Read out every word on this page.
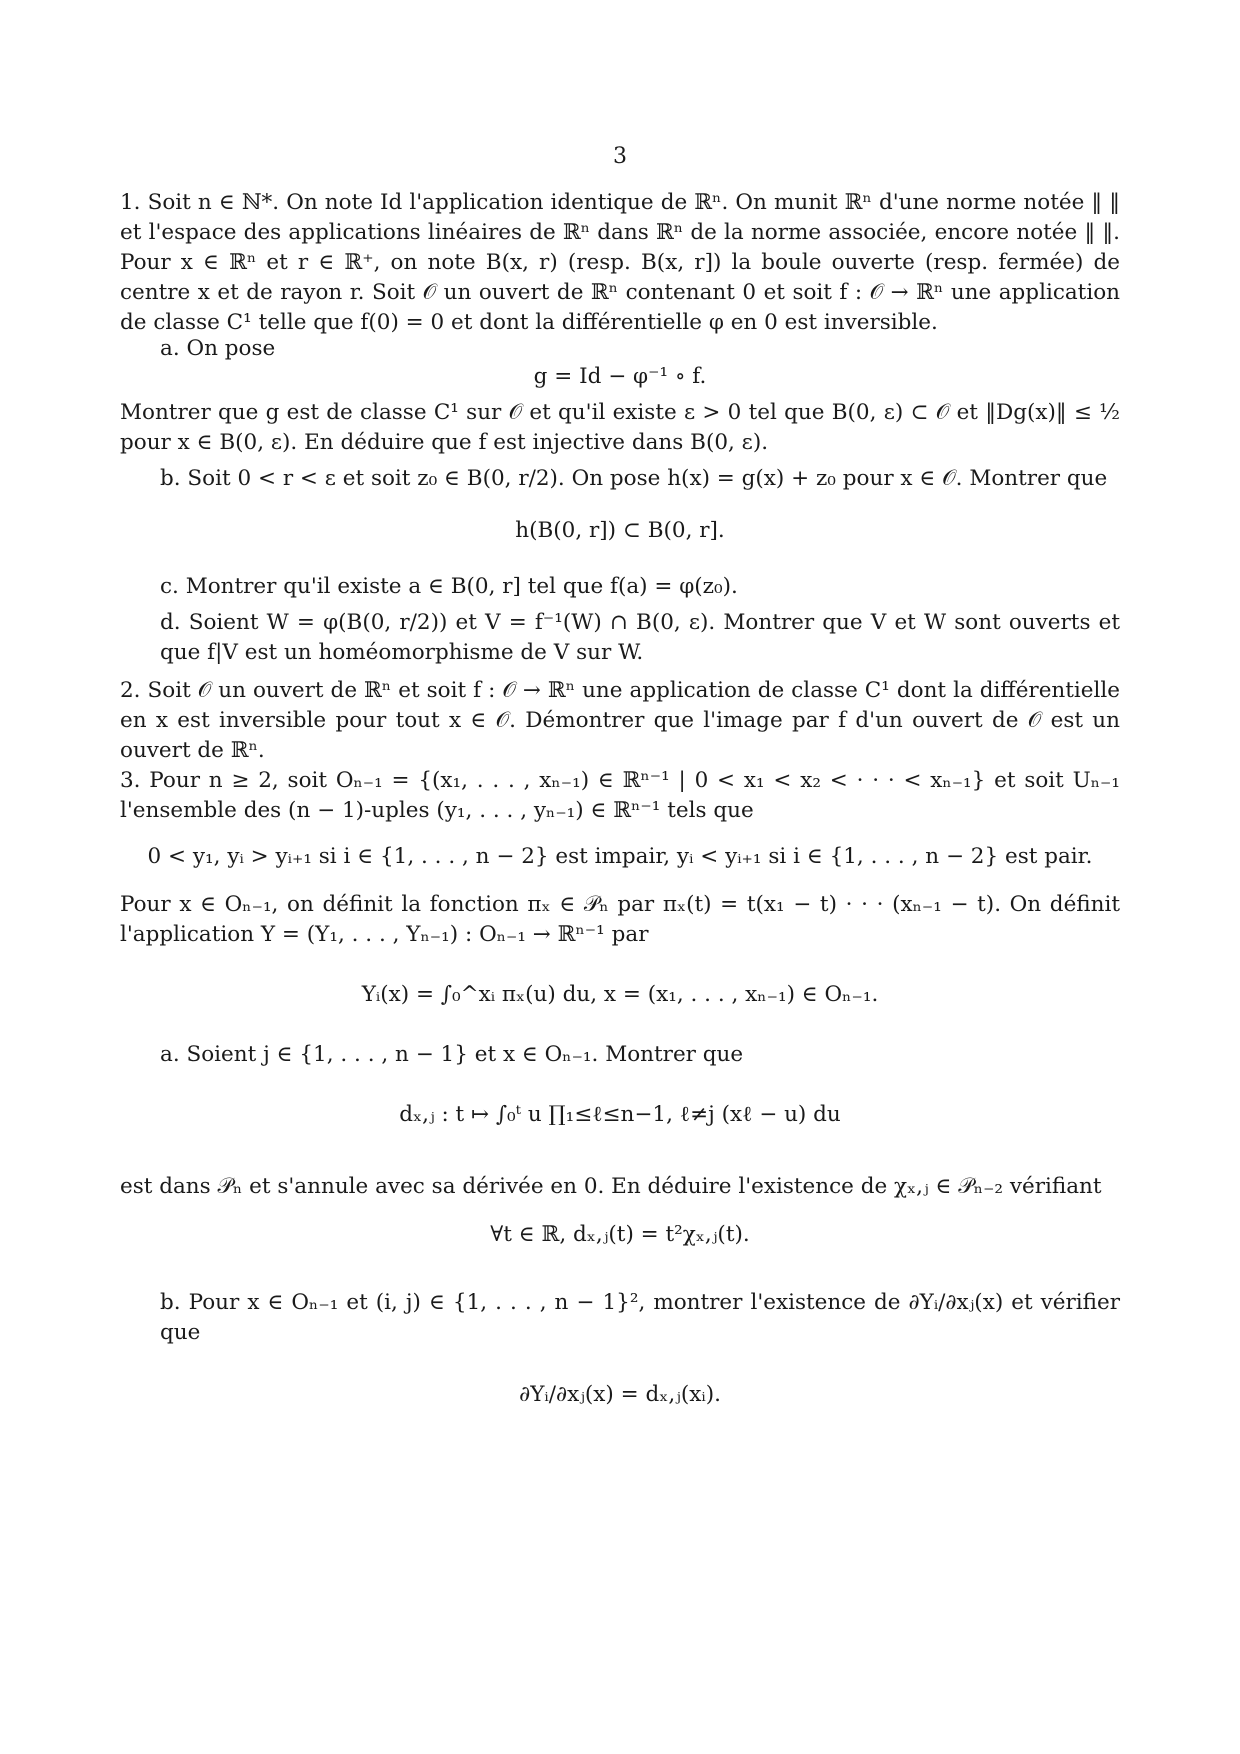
3
1. Soit n ∈ ℕ*. On note Id l'application identique de ℝⁿ. On munit ℝⁿ d'une norme notée ‖ ‖ et l'espace des applications linéaires de ℝⁿ dans ℝⁿ de la norme associée, encore notée ‖ ‖. Pour x ∈ ℝⁿ et r ∈ ℝ⁺, on note B(x, r) (resp. B(x, r]) la boule ouverte (resp. fermée) de centre x et de rayon r. Soit 𝒪 un ouvert de ℝⁿ contenant 0 et soit f : 𝒪 → ℝⁿ une application de classe C¹ telle que f(0) = 0 et dont la différentielle φ en 0 est inversible.
a. On pose
g = Id − φ⁻¹ ∘ f.
Montrer que g est de classe C¹ sur 𝒪 et qu'il existe ε > 0 tel que B(0, ε) ⊂ 𝒪 et ‖Dg(x)‖ ≤ ½ pour x ∈ B(0, ε). En déduire que f est injective dans B(0, ε).
b. Soit 0 < r < ε et soit z₀ ∈ B(0, r/2). On pose h(x) = g(x) + z₀ pour x ∈ 𝒪. Montrer que
h(B(0, r]) ⊂ B(0, r].
c. Montrer qu'il existe a ∈ B(0, r] tel que f(a) = φ(z₀).
d. Soient W = φ(B(0, r/2)) et V = f⁻¹(W) ∩ B(0, ε). Montrer que V et W sont ouverts et que f|V est un homéomorphisme de V sur W.
2. Soit 𝒪 un ouvert de ℝⁿ et soit f : 𝒪 → ℝⁿ une application de classe C¹ dont la différentielle en x est inversible pour tout x ∈ 𝒪. Démontrer que l'image par f d'un ouvert de 𝒪 est un ouvert de ℝⁿ.
3. Pour n ≥ 2, soit Oₙ₋₁ = {(x₁, . . . , xₙ₋₁) ∈ ℝⁿ⁻¹ | 0 < x₁ < x₂ < · · · < xₙ₋₁} et soit Uₙ₋₁ l'ensemble des (n − 1)-uples (y₁, . . . , yₙ₋₁) ∈ ℝⁿ⁻¹ tels que
0 < y₁, yᵢ > yᵢ₊₁ si i ∈ {1, . . . , n − 2} est impair, yᵢ < yᵢ₊₁ si i ∈ {1, . . . , n − 2} est pair.
Pour x ∈ Oₙ₋₁, on définit la fonction πₓ ∈ 𝒫ₙ par πₓ(t) = t(x₁ − t) · · · (xₙ₋₁ − t). On définit l'application Y = (Y₁, . . . , Yₙ₋₁) : Oₙ₋₁ → ℝⁿ⁻¹ par
Yᵢ(x) = ∫₀^xᵢ πₓ(u) du, x = (x₁, . . . , xₙ₋₁) ∈ Oₙ₋₁.
a. Soient j ∈ {1, . . . , n − 1} et x ∈ Oₙ₋₁. Montrer que
dₓ,ⱼ : t ↦ ∫₀ᵗ u ∏₁≤ℓ≤n−1, ℓ≠j (xℓ − u) du
est dans 𝒫ₙ et s'annule avec sa dérivée en 0. En déduire l'existence de χₓ,ⱼ ∈ 𝒫ₙ₋₂ vérifiant
∀t ∈ ℝ, dₓ,ⱼ(t) = t²χₓ,ⱼ(t).
b. Pour x ∈ Oₙ₋₁ et (i, j) ∈ {1, . . . , n − 1}², montrer l'existence de ∂Yᵢ/∂xⱼ(x) et vérifier que
∂Yᵢ/∂xⱼ(x) = dₓ,ⱼ(xᵢ).
